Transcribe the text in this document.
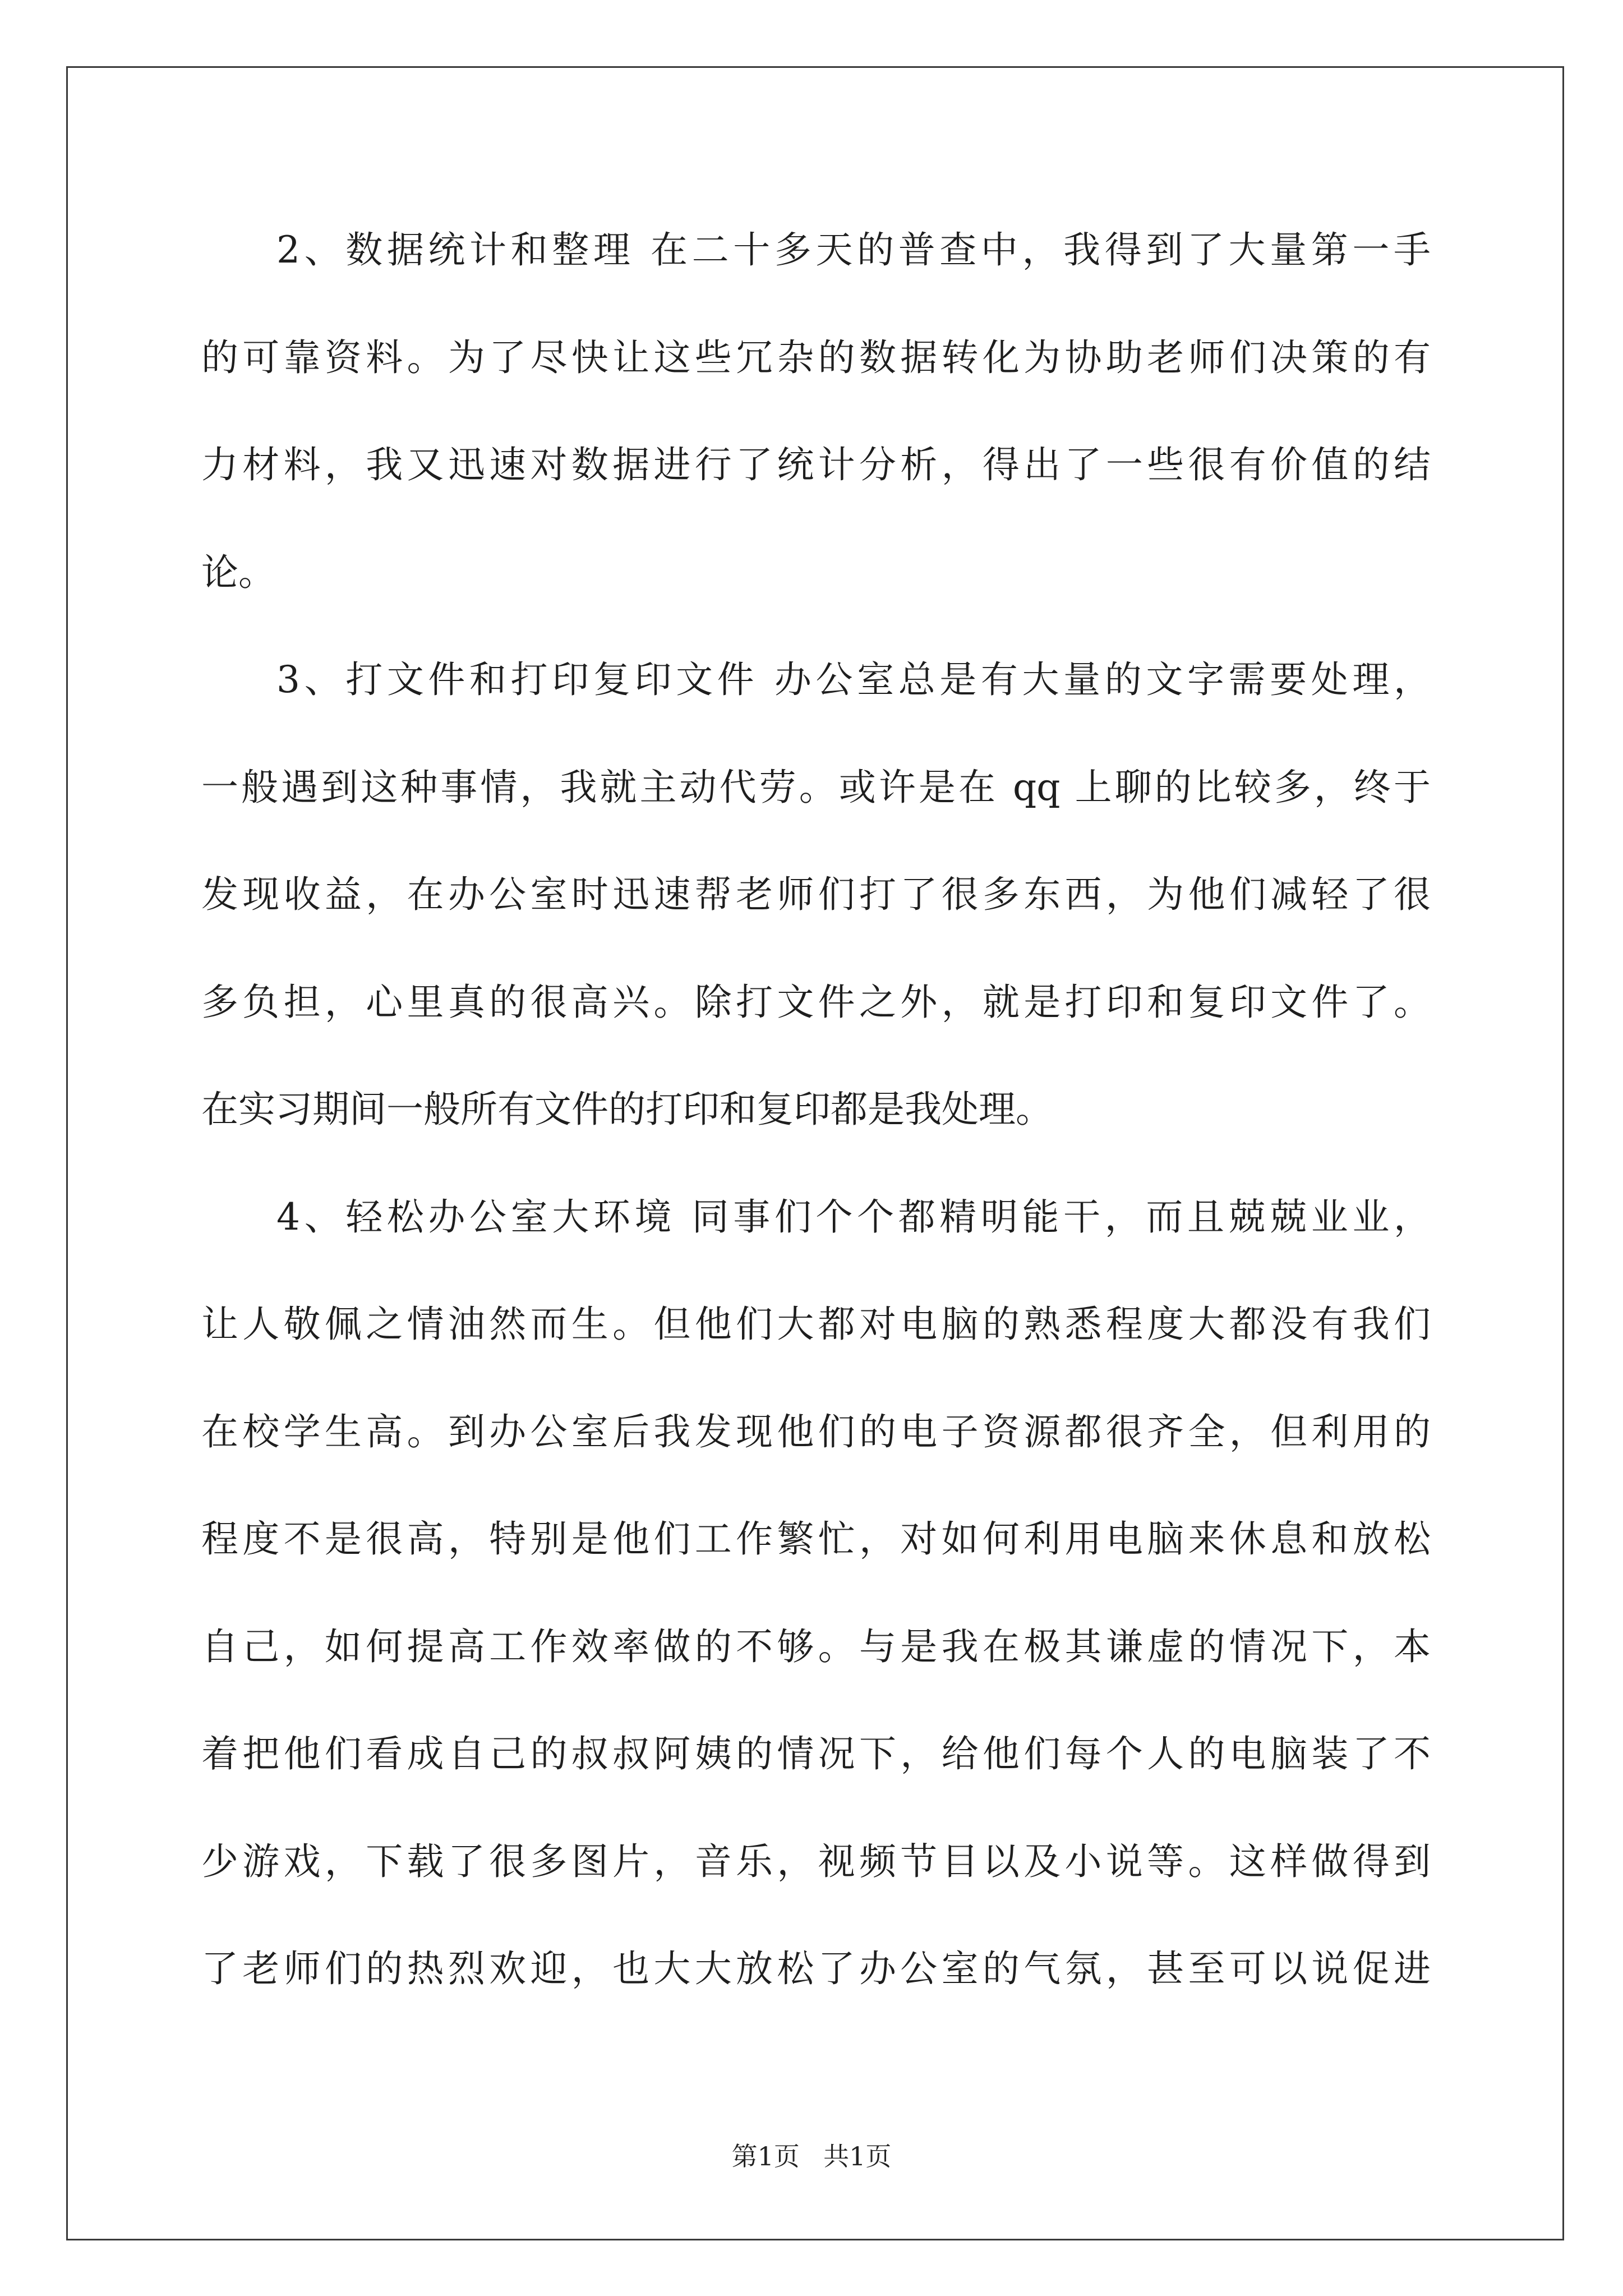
2、数据统计和整理 在二十多天的普查中，我得到了大量第一手
的可靠资料。为了尽快让这些冗杂的数据转化为协助老师们决策的有
力材料，我又迅速对数据进行了统计分析，得出了一些很有价值的结
论。
3、打文件和打印复印文件 办公室总是有大量的文字需要处理，
一般遇到这种事情，我就主动代劳。或许是在 qq 上聊的比较多，终于
发现收益，在办公室时迅速帮老师们打了很多东西，为他们减轻了很
多负担，心里真的很高兴。除打文件之外，就是打印和复印文件了。
在实习期间一般所有文件的打印和复印都是我处理。
4、轻松办公室大环境 同事们个个都精明能干，而且兢兢业业，
让人敬佩之情油然而生。但他们大都对电脑的熟悉程度大都没有我们
在校学生高。到办公室后我发现他们的电子资源都很齐全，但利用的
程度不是很高，特别是他们工作繁忙，对如何利用电脑来休息和放松
自己，如何提高工作效率做的不够。与是我在极其谦虚的情况下，本
着把他们看成自己的叔叔阿姨的情况下，给他们每个人的电脑装了不
少游戏，下载了很多图片，音乐，视频节目以及小说等。这样做得到
了老师们的热烈欢迎，也大大放松了办公室的气氛，甚至可以说促进
第1页 共1页
